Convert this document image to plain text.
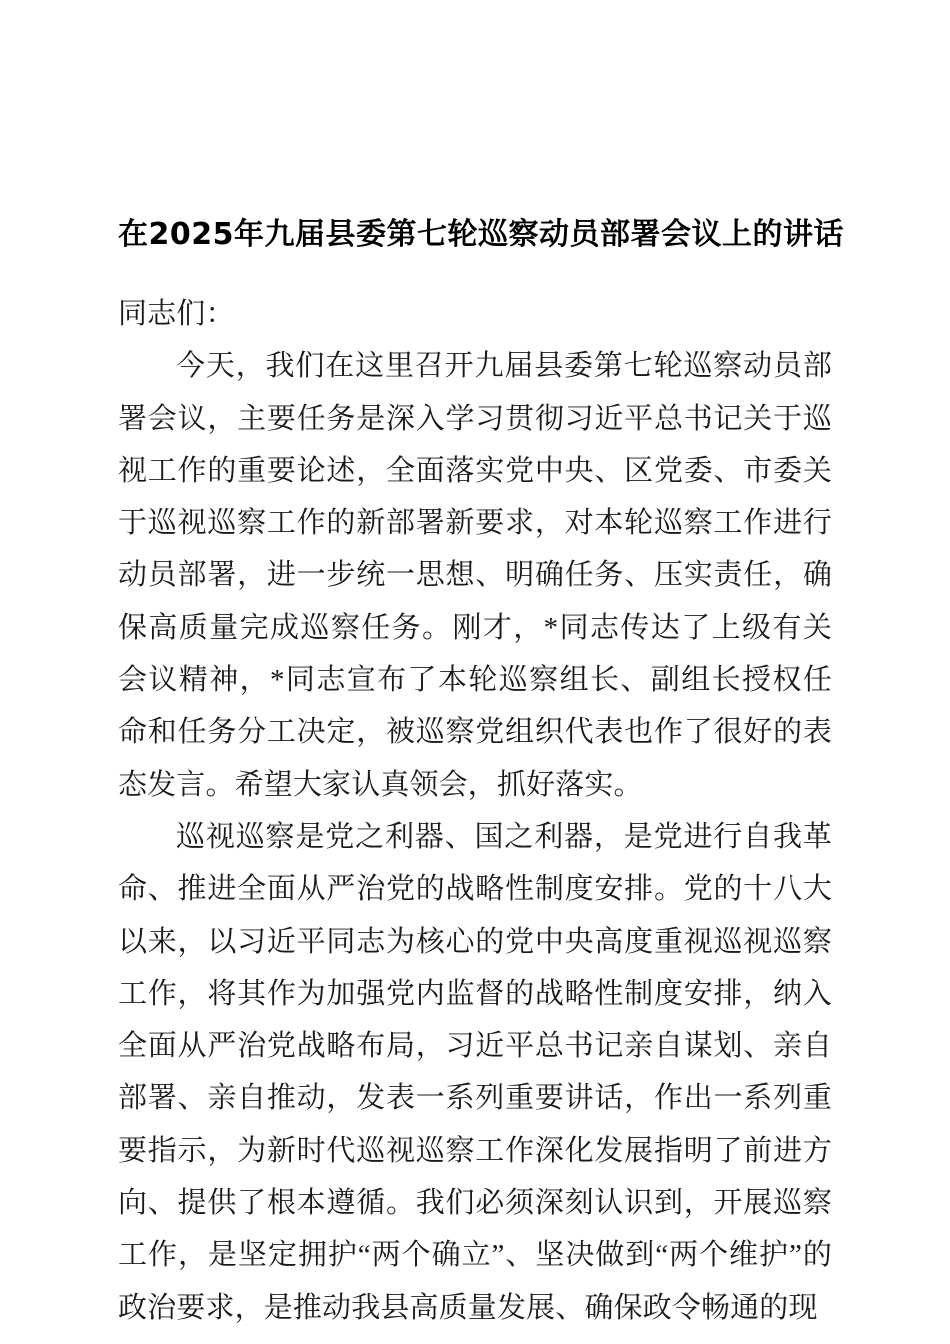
在2025年九届县委第七轮巡察动员部署会议上的讲话

同志们：

今天，我们在这里召开九届县委第七轮巡察动员部署会议，主要任务是深入学习贯彻习近平总书记关于巡视工作的重要论述，全面落实党中央、区党委、市委关于巡视巡察工作的新部署新要求，对本轮巡察工作进行动员部署，进一步统一思想、明确任务、压实责任，确保高质量完成巡察任务。刚才，*同志传达了上级有关会议精神，*同志宣布了本轮巡察组长、副组长授权任命和任务分工决定，被巡察党组织代表也作了很好的表态发言。希望大家认真领会，抓好落实。

巡视巡察是党之利器、国之利器，是党进行自我革命、推进全面从严治党的战略性制度安排。党的十八大以来，以习近平同志为核心的党中央高度重视巡视巡察工作，将其作为加强党内监督的战略性制度安排，纳入全面从严治党战略布局，习近平总书记亲自谋划、亲自部署、亲自推动，发表一系列重要讲话，作出一系列重要指示，为新时代巡视巡察工作深化发展指明了前进方向、提供了根本遵循。我们必须深刻认识到，开展巡察工作，是坚定拥护“两个确立”、坚决做到“两个维护”的政治要求，是推动我县高质量发展、确保政令畅通的现
